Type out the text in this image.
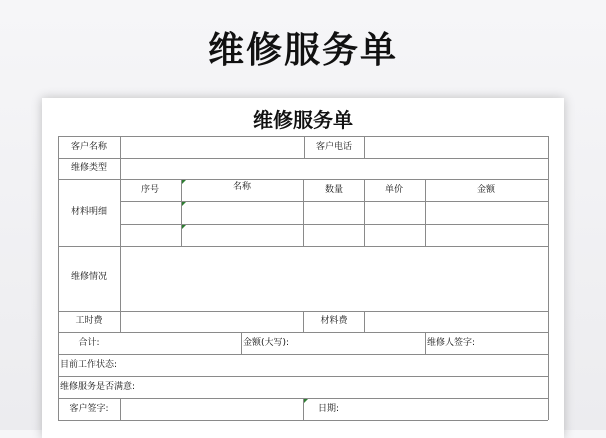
维修服务单
维修服务单
客户名称	客户电话
维修类型
材料明细
序号	名称	数量	单价	金额
维修情况
工时费	材料费
合计:	金额(大写):	维修人签字:
目前工作状态:
维修服务是否满意:
客户签字:	日期:
